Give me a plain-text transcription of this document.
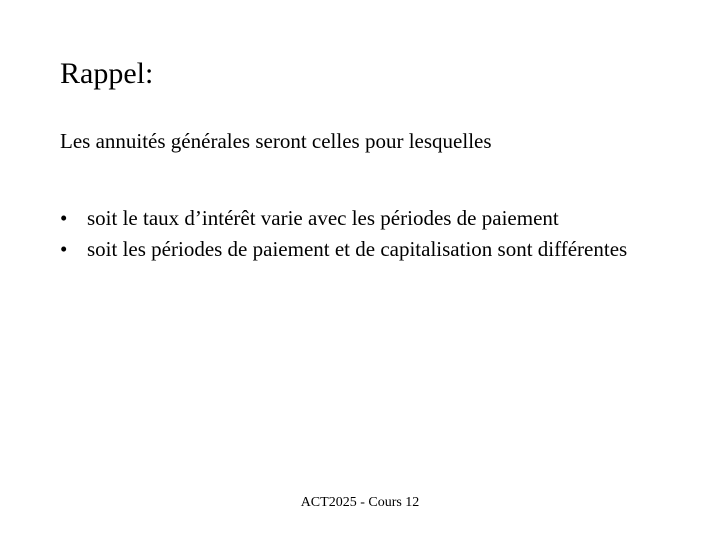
Rappel:
Les annuités générales seront celles pour lesquelles
• soit le taux d’intérêt varie avec les périodes de paiement
• soit les périodes de paiement et de capitalisation sont différentes
ACT2025 - Cours 12
